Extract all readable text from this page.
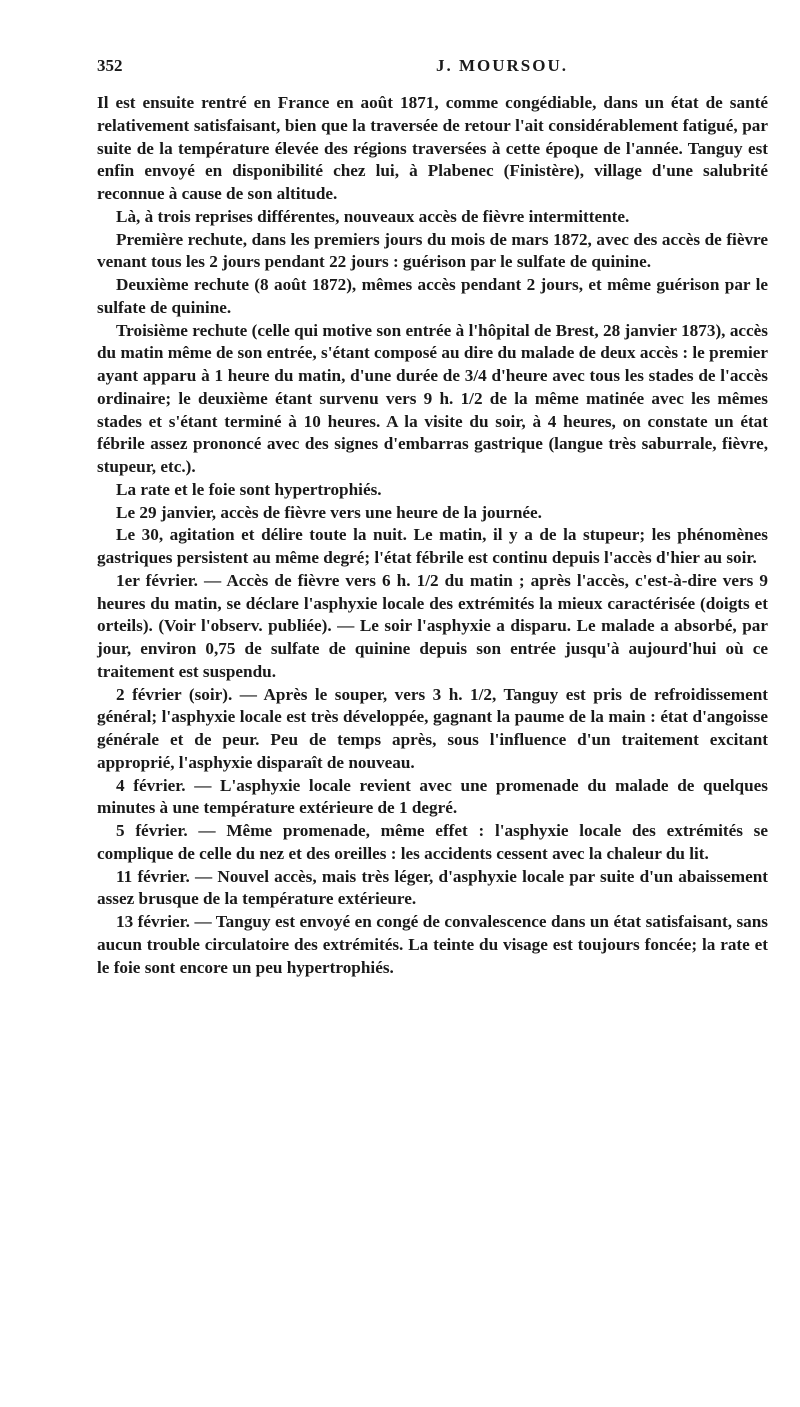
352	J. MOURSOU.

Il est ensuite rentré en France en août 1871, comme congédiable, dans un état de santé relativement satisfaisant, bien que la traversée de retour l'ait considérablement fatigué, par suite de la température élevée des régions traversées à cette époque de l'année. Tanguy est enfin envoyé en disponibilité chez lui, à Plabenec (Finistère), village d'une salubrité reconnue à cause de son altitude.

Là, à trois reprises différentes, nouveaux accès de fièvre intermittente.

Première rechute, dans les premiers jours du mois de mars 1872, avec des accès de fièvre venant tous les 2 jours pendant 22 jours : guérison par le sulfate de quinine.

Deuxième rechute (8 août 1872), mêmes accès pendant 2 jours, et même guérison par le sulfate de quinine.

Troisième rechute (celle qui motive son entrée à l'hôpital de Brest, 28 janvier 1873), accès du matin même de son entrée, s'étant composé au dire du malade de deux accès : le premier ayant apparu à 1 heure du matin, d'une durée de 3/4 d'heure avec tous les stades de l'accès ordinaire; le deuxième étant survenu vers 9 h. 1/2 de la même matinée avec les mêmes stades et s'étant terminé à 10 heures. A la visite du soir, à 4 heures, on constate un état fébrile assez prononcé avec des signes d'embarras gastrique (langue très saburrale, fièvre, stupeur, etc.).

La rate et le foie sont hypertrophiés.

Le 29 janvier, accès de fièvre vers une heure de la journée.

Le 30, agitation et délire toute la nuit. Le matin, il y a de la stupeur; les phénomènes gastriques persistent au même degré; l'état fébrile est continu depuis l'accès d'hier au soir.

1er février. — Accès de fièvre vers 6 h. 1/2 du matin ; après l'accès, c'est-à-dire vers 9 heures du matin, se déclare l'asphyxie locale des extrémités la mieux caractérisée (doigts et orteils). (Voir l'observ. publiée). — Le soir l'asphyxie a disparu. Le malade a absorbé, par jour, environ 0,75 de sulfate de quinine depuis son entrée jusqu'à aujourd'hui où ce traitement est suspendu.

2 février (soir). — Après le souper, vers 3 h. 1/2, Tanguy est pris de refroidissement général; l'asphyxie locale est très développée, gagnant la paume de la main : état d'angoisse générale et de peur. Peu de temps après, sous l'influence d'un traitement excitant approprié, l'asphyxie disparaît de nouveau.

4 février. — L'asphyxie locale revient avec une promenade du malade de quelques minutes à une température extérieure de 1 degré.

5 février. — Même promenade, même effet : l'asphyxie locale des extrémités se complique de celle du nez et des oreilles : les accidents cessent avec la chaleur du lit.

11 février. — Nouvel accès, mais très léger, d'asphyxie locale par suite d'un abaissement assez brusque de la température extérieure.

13 février. — Tanguy est envoyé en congé de convalescence dans un état satisfaisant, sans aucun trouble circulatoire des extrémités. La teinte du visage est toujours foncée; la rate et le foie sont encore un peu hypertrophiés.
